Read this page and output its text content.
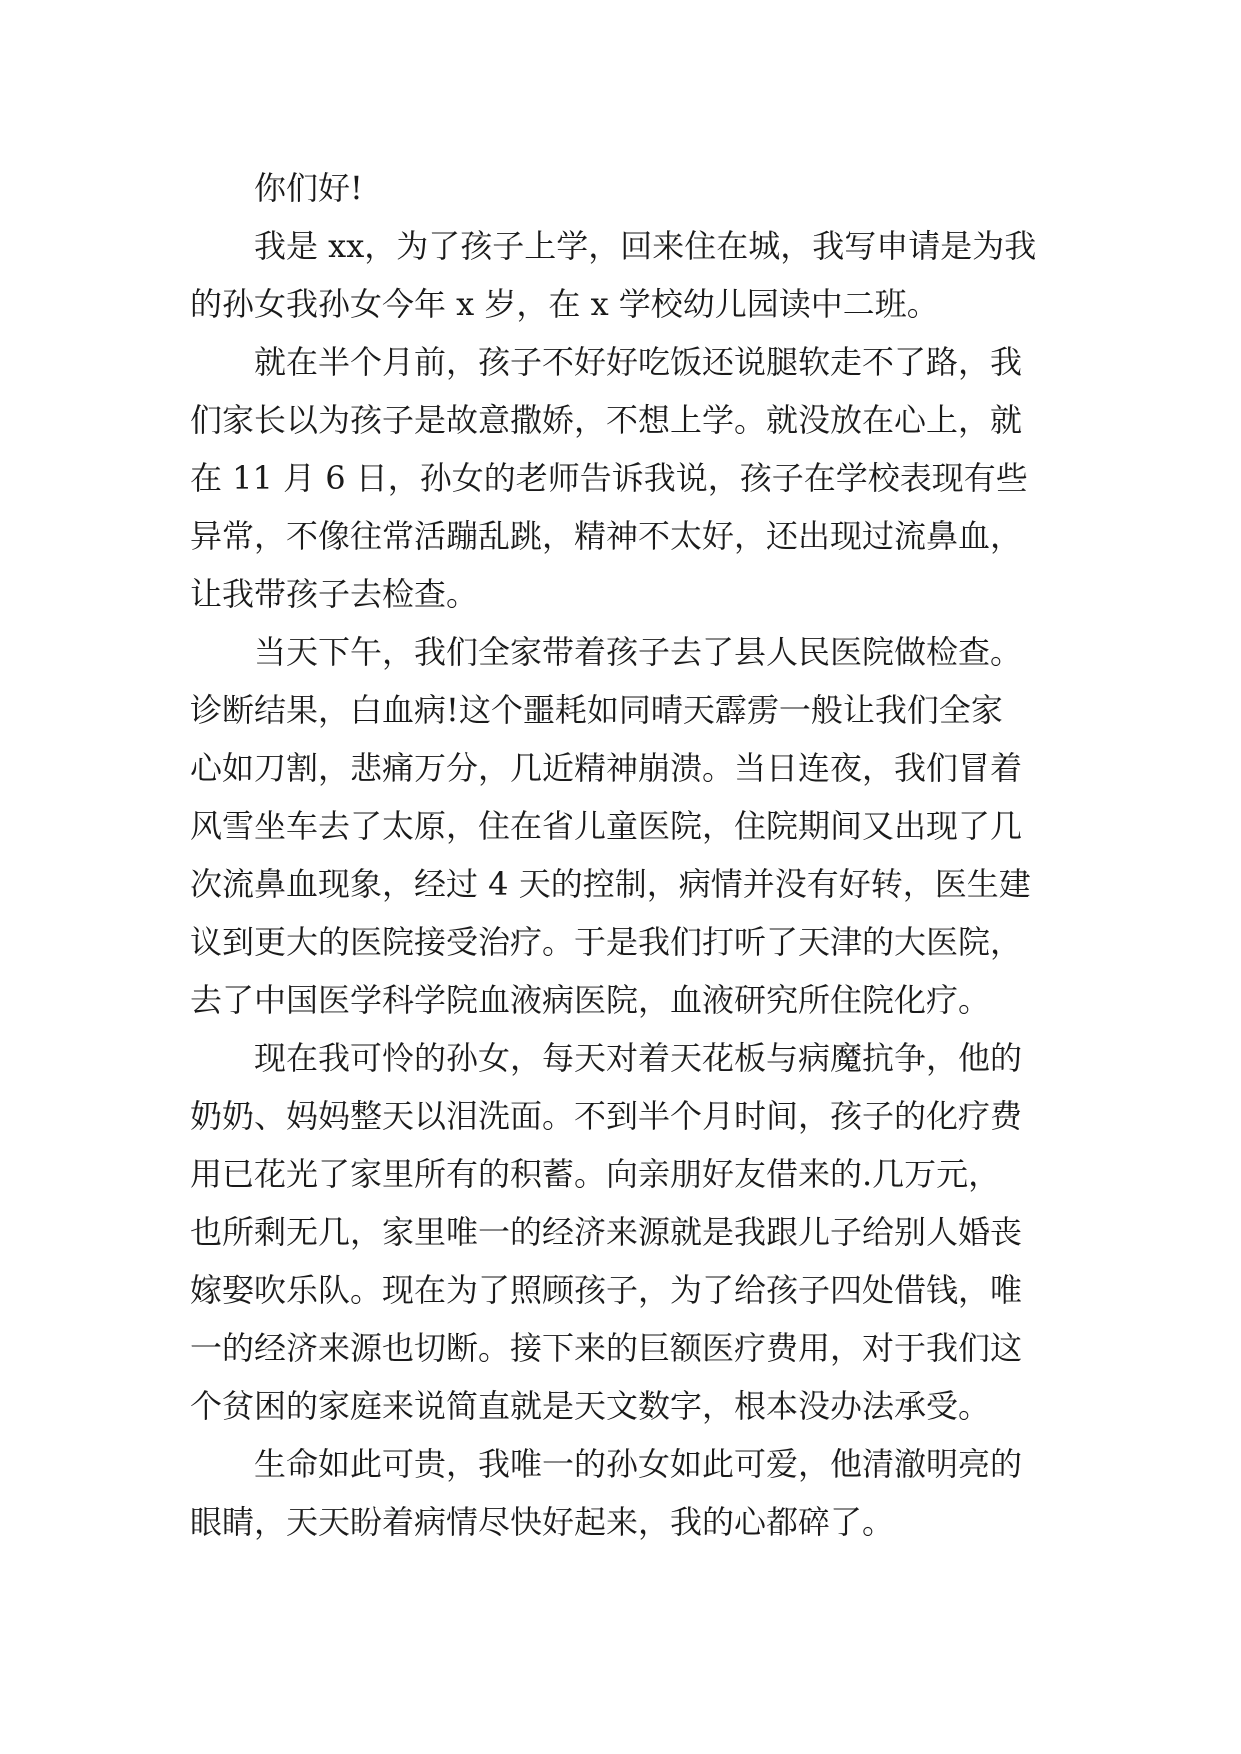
你们好!

我是 xx，为了孩子上学，回来住在城，我写申请是为我

的孙女我孙女今年 x 岁，在 x 学校幼儿园读中二班。

就在半个月前，孩子不好好吃饭还说腿软走不了路，我

们家长以为孩子是故意撒娇，不想上学。就没放在心上，就

在 11 月 6 日，孙女的老师告诉我说，孩子在学校表现有些

异常，不像往常活蹦乱跳，精神不太好，还出现过流鼻血，

让我带孩子去检查。

当天下午，我们全家带着孩子去了县人民医院做检查。

诊断结果，白血病!这个噩耗如同晴天霹雳一般让我们全家

心如刀割，悲痛万分，几近精神崩溃。当日连夜，我们冒着

风雪坐车去了太原，住在省儿童医院，住院期间又出现了几

次流鼻血现象，经过 4 天的控制，病情并没有好转，医生建

议到更大的医院接受治疗。于是我们打听了天津的大医院，

去了中国医学科学院血液病医院，血液研究所住院化疗。

现在我可怜的孙女，每天对着天花板与病魔抗争，他的

奶奶、妈妈整天以泪洗面。不到半个月时间，孩子的化疗费

用已花光了家里所有的积蓄。向亲朋好友借来的.几万元，

也所剩无几，家里唯一的经济来源就是我跟儿子给别人婚丧

嫁娶吹乐队。现在为了照顾孩子，为了给孩子四处借钱，唯

一的经济来源也切断。接下来的巨额医疗费用，对于我们这

个贫困的家庭来说简直就是天文数字，根本没办法承受。

生命如此可贵，我唯一的孙女如此可爱，他清澈明亮的

眼睛，天天盼着病情尽快好起来，我的心都碎了。
